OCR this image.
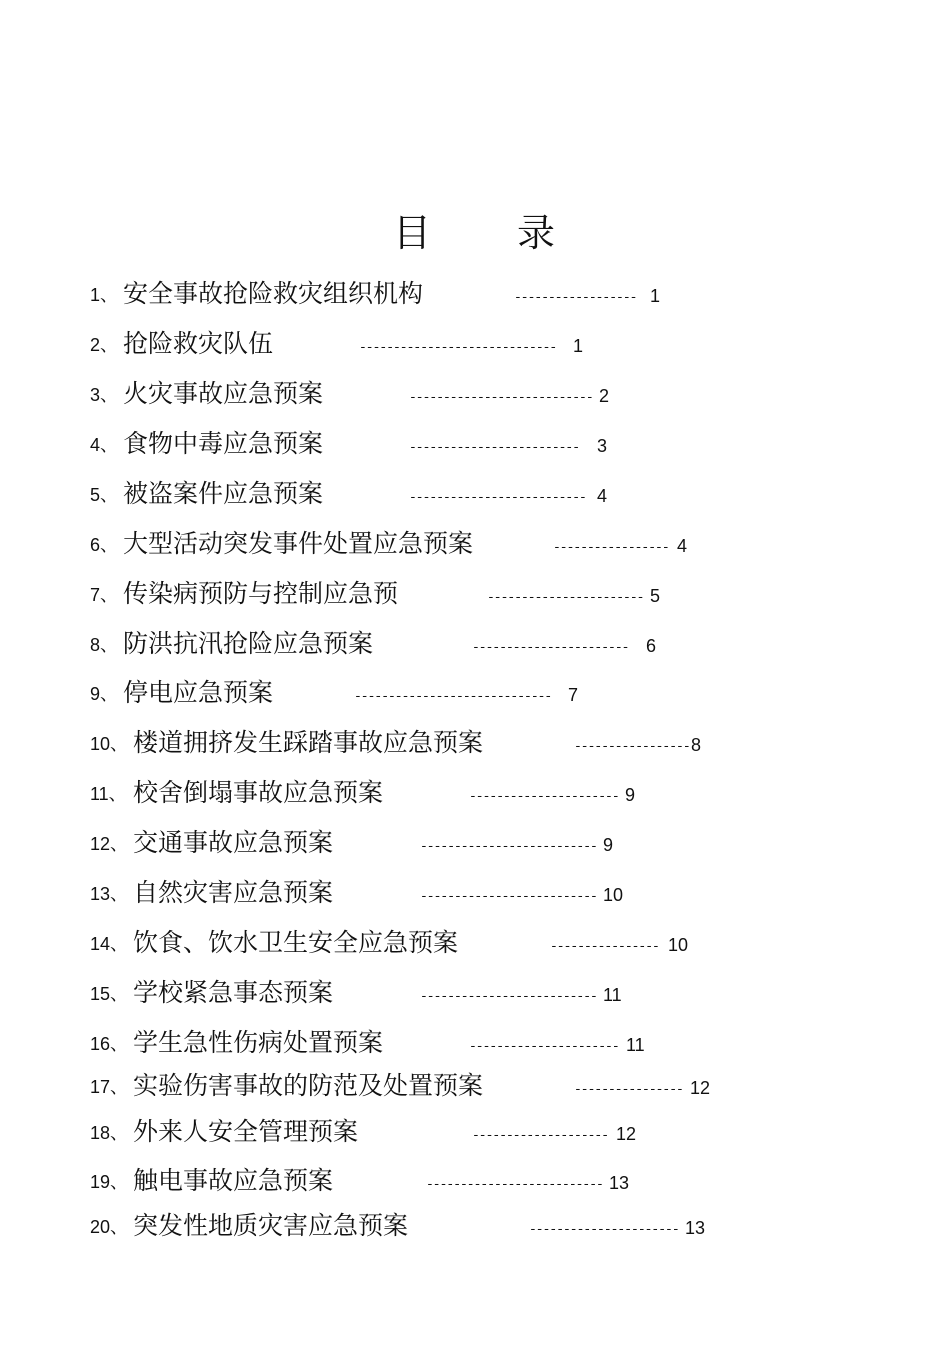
目 录
1、 安全事故抢险救灾组织机构	------------------ 1
2、 抢险救灾队伍	----------------------------- 1
3、 火灾事故应急预案	--------------------------- 2
4、 食物中毒应急预案	------------------------- 3
5、 被盗案件应急预案	-------------------------- 4
6、 大型活动突发事件处置应急预案	----------------- 4
7、 传染病预防与控制应急预	----------------------- 5
8、 防洪抗汛抢险应急预案	----------------------- 6
9、 停电应急预案	----------------------------- 7
10、 楼道拥挤发生踩踏事故应急预案	----------------- 8
11、 校舍倒塌事故应急预案	---------------------- 9
12、 交通事故应急预案	-------------------------- 9
13、 自然灾害应急预案	-------------------------- 10
14、 饮食、饮水卫生安全应急预案	---------------- 10
15、 学校紧急事态预案	-------------------------- 11
16、 学生急性伤病处置预案	---------------------- 11
17、 实验伤害事故的防范及处置预案	---------------- 12
18、 外来人安全管理预案	-------------------- 12
19、 触电事故应急预案	-------------------------- 13
20、 突发性地质灾害应急预案	---------------------- 13
